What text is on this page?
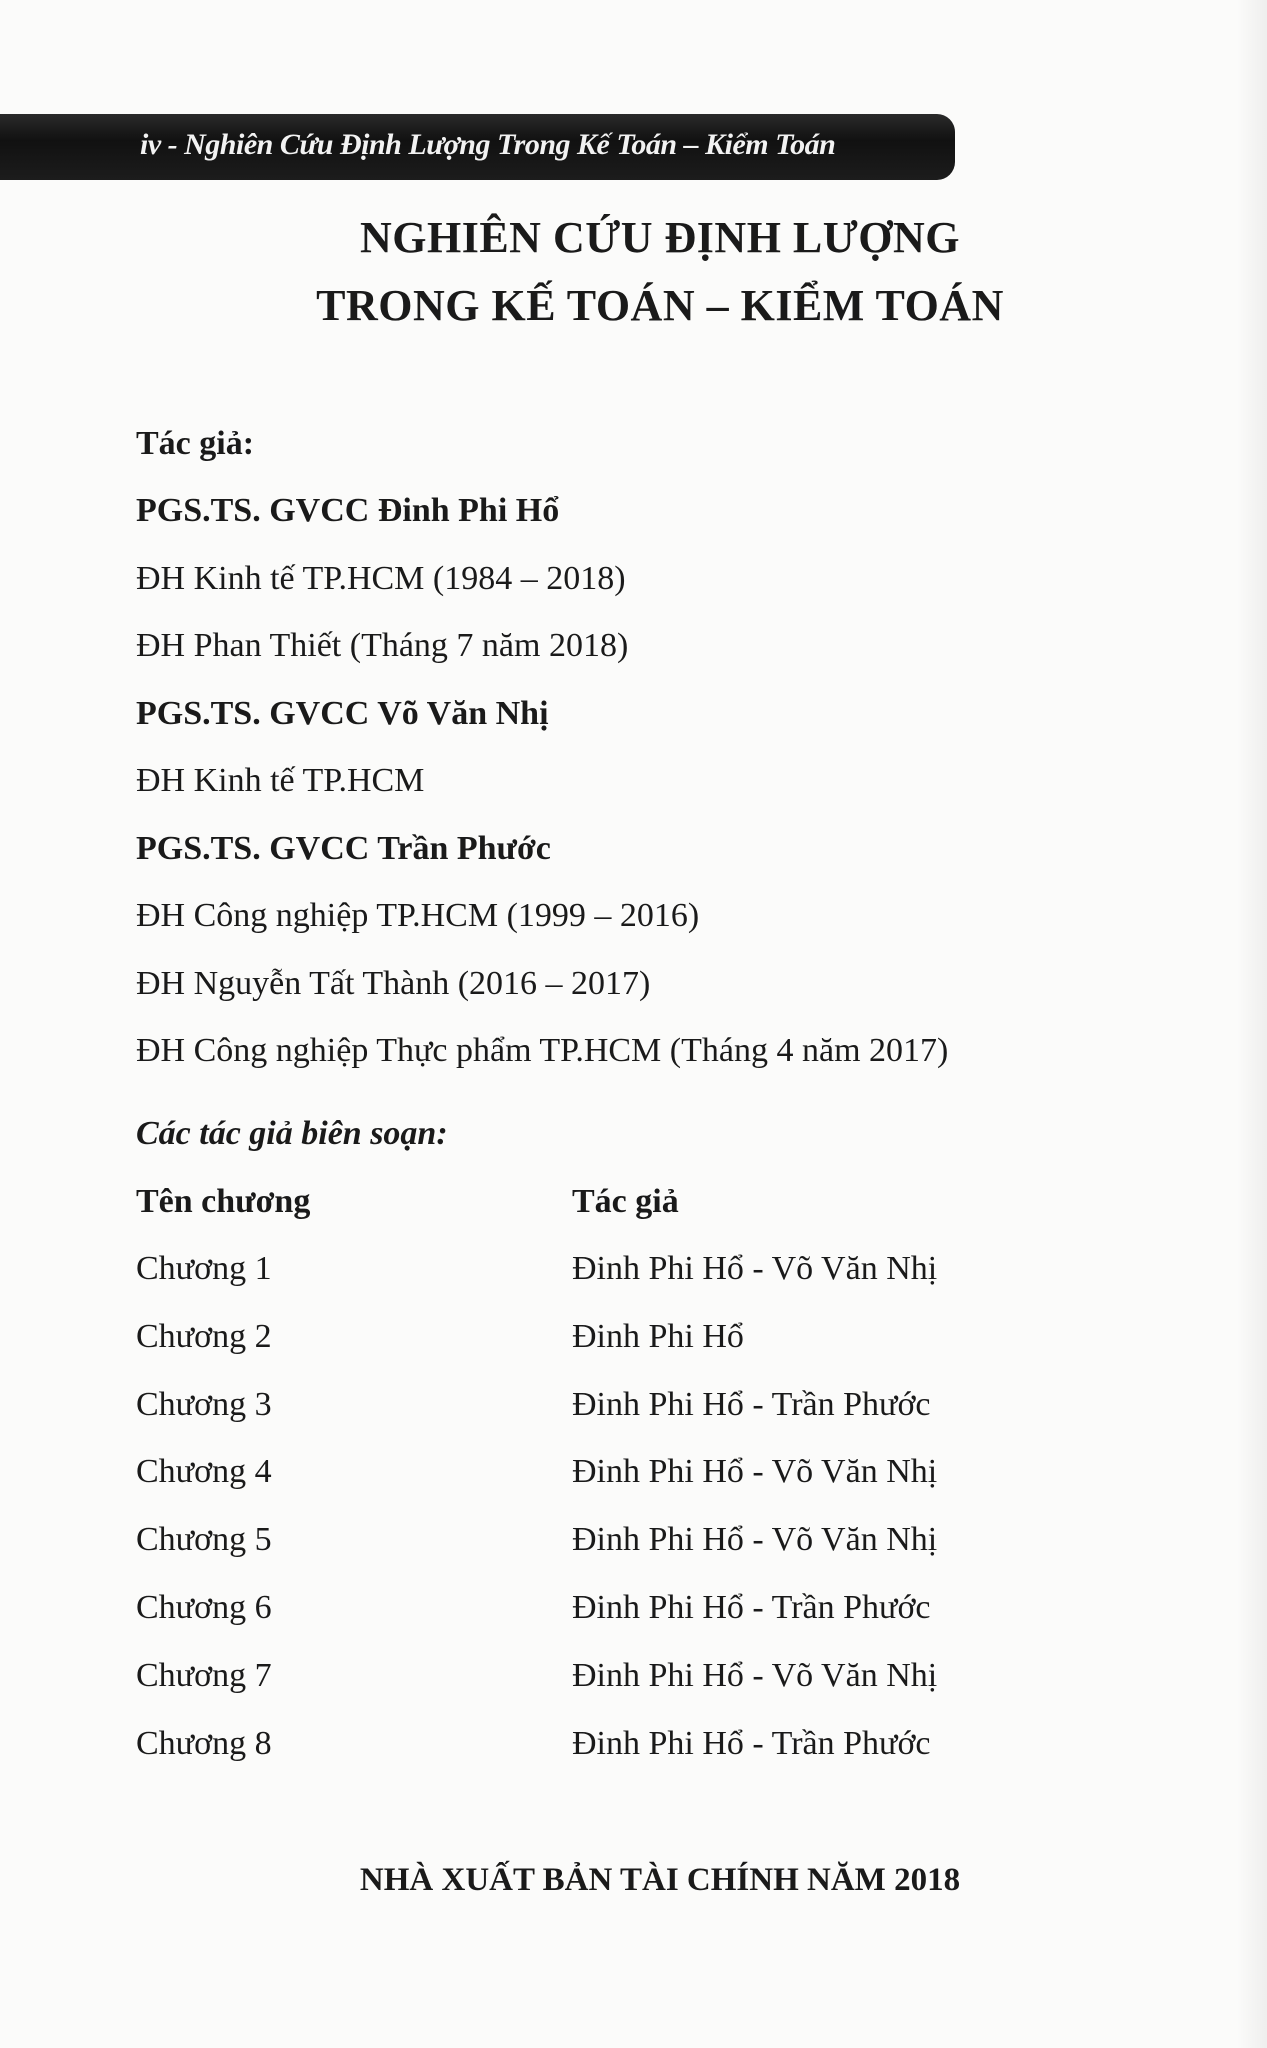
iv - Nghiên Cứu Định Lượng Trong Kế Toán – Kiểm Toán
NGHIÊN CỨU ĐỊNH LƯỢNG
TRONG KẾ TOÁN – KIỂM TOÁN
Tác giả:
PGS.TS. GVCC Đinh Phi Hổ
ĐH Kinh tế TP.HCM (1984 – 2018)
ĐH Phan Thiết (Tháng 7 năm 2018)
PGS.TS. GVCC Võ Văn Nhị
ĐH Kinh tế TP.HCM
PGS.TS. GVCC Trần Phước
ĐH Công nghiệp TP.HCM (1999 – 2016)
ĐH Nguyễn Tất Thành (2016 – 2017)
ĐH Công nghiệp Thực phẩm TP.HCM (Tháng 4 năm 2017)
Các tác giả biên soạn:
Tên chương	Tác giả
Chương 1	Đinh Phi Hổ - Võ Văn Nhị
Chương 2	Đinh Phi Hổ
Chương 3	Đinh Phi Hổ - Trần Phước
Chương 4	Đinh Phi Hổ - Võ Văn Nhị
Chương 5	Đinh Phi Hổ - Võ Văn Nhị
Chương 6	Đinh Phi Hổ - Trần Phước
Chương 7	Đinh Phi Hổ - Võ Văn Nhị
Chương 8	Đinh Phi Hổ - Trần Phước
NHÀ XUẤT BẢN TÀI CHÍNH NĂM 2018
